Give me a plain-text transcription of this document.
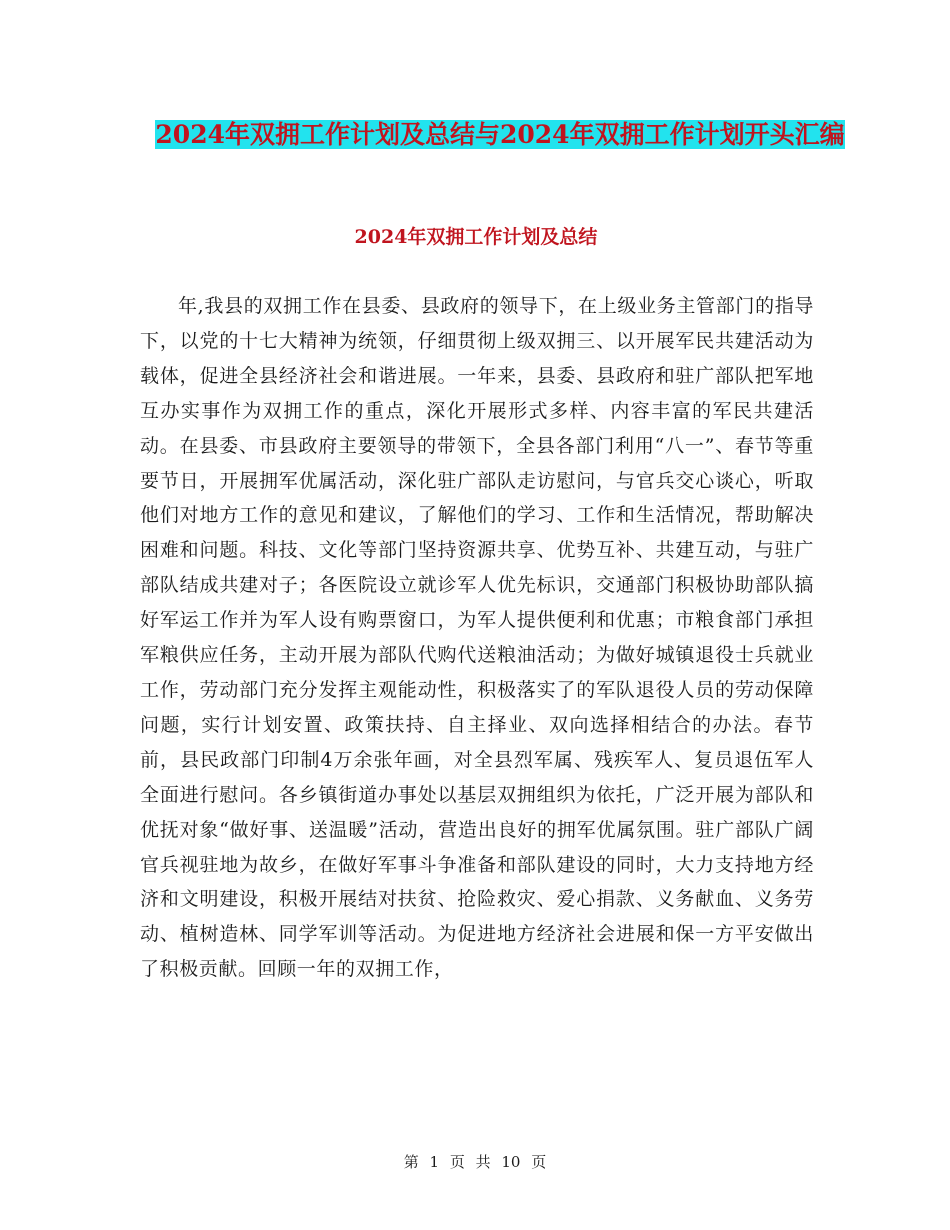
2024年双拥工作计划及总结与2024年双拥工作计划开头汇编
2024年双拥工作计划及总结

年,我县的双拥工作在县委、县政府的领导下，在上级业务主管部门的指导下，以党的十七大精神为统领，仔细贯彻上级双拥三、以开展军民共建活动为载体，促进全县经济社会和谐进展。一年来，县委、县政府和驻广部队把军地互办实事作为双拥工作的重点，深化开展形式多样、内容丰富的军民共建活动。在县委、市县政府主要领导的带领下，全县各部门利用“八一”、春节等重要节日，开展拥军优属活动，深化驻广部队走访慰问，与官兵交心谈心，听取他们对地方工作的意见和建议，了解他们的学习、工作和生活情况，帮助解决困难和问题。科技、文化等部门坚持资源共享、优势互补、共建互动，与驻广部队结成共建对子；各医院设立就诊军人优先标识，交通部门积极协助部队搞好军运工作并为军人设有购票窗口，为军人提供便利和优惠；市粮食部门承担军粮供应任务，主动开展为部队代购代送粮油活动；为做好城镇退役士兵就业工作，劳动部门充分发挥主观能动性，积极落实了的军队退役人员的劳动保障问题，实行计划安置、政策扶持、自主择业、双向选择相结合的办法。春节前，县民政部门印制4万余张年画，对全县烈军属、残疾军人、复员退伍军人全面进行慰问。各乡镇街道办事处以基层双拥组织为依托，广泛开展为部队和优抚对象“做好事、送温暖”活动，营造出良好的拥军优属氛围。驻广部队广阔官兵视驻地为故乡，在做好军事斗争准备和部队建设的同时，大力支持地方经济和文明建设，积极开展结对扶贫、抢险救灾、爱心捐款、义务献血、义务劳动、植树造林、同学军训等活动。为促进地方经济社会进展和保一方平安做出了积极贡献。回顾一年的双拥工作，

第 1 页 共 10 页
